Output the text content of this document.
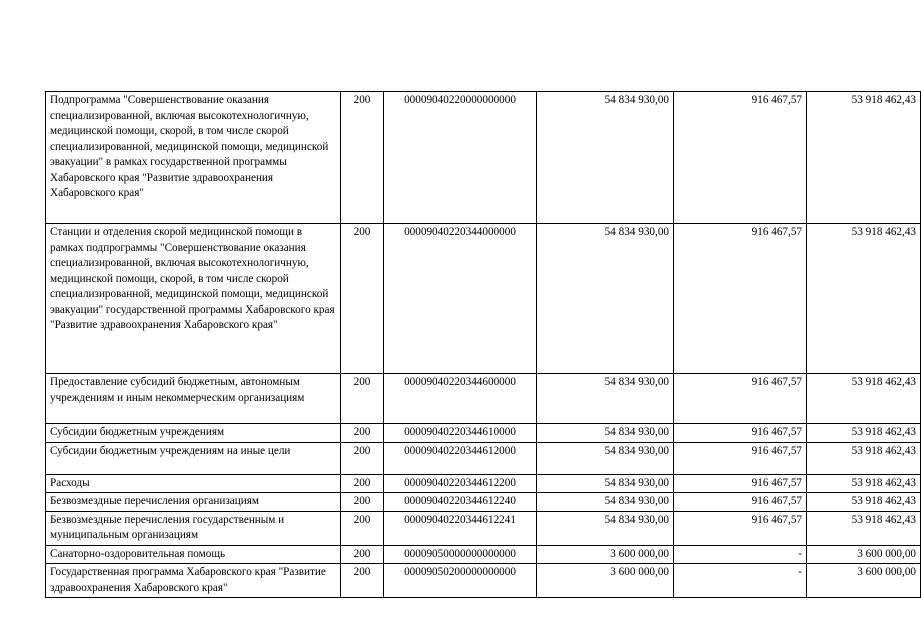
Подпрограмма "Совершенствование оказания специализированной, включая высокотехнологичную, медицинской помощи, скорой, в том числе скорой специализированной, медицинской помощи, медицинской эвакуации" в рамках государственной программы Хабаровского края "Развитие здравоохранения Хабаровского края"	200	00009040220000000000	54 834 930,00	916 467,57	53 918 462,43
Станции и отделения скорой медицинской помощи в рамках подпрограммы "Совершенствование оказания специализированной, включая высокотехнологичную, медицинской помощи, скорой, в том числе скорой специализированной, медицинской помощи, медицинской эвакуации" государственной программы Хабаровского края "Развитие здравоохранения Хабаровского края"	200	00009040220344000000	54 834 930,00	916 467,57	53 918 462,43
Предоставление субсидий бюджетным, автономным учреждениям и иным некоммерческим организациям	200	00009040220344600000	54 834 930,00	916 467,57	53 918 462,43
Субсидии бюджетным учреждениям	200	00009040220344610000	54 834 930,00	916 467,57	53 918 462,43
Субсидии бюджетным учреждениям на иные цели	200	00009040220344612000	54 834 930,00	916 467,57	53 918 462,43
Расходы	200	00009040220344612200	54 834 930,00	916 467,57	53 918 462,43
Безвозмездные перечисления организациям	200	00009040220344612240	54 834 930,00	916 467,57	53 918 462,43
Безвозмездные перечисления государственным и муниципальным организациям	200	00009040220344612241	54 834 930,00	916 467,57	53 918 462,43
Санаторно-оздоровительная помощь	200	00009050000000000000	3 600 000,00	-	3 600 000,00
Государственная программа Хабаровского края "Развитие здравоохранения Хабаровского края"	200	00009050200000000000	3 600 000,00	-	3 600 000,00
